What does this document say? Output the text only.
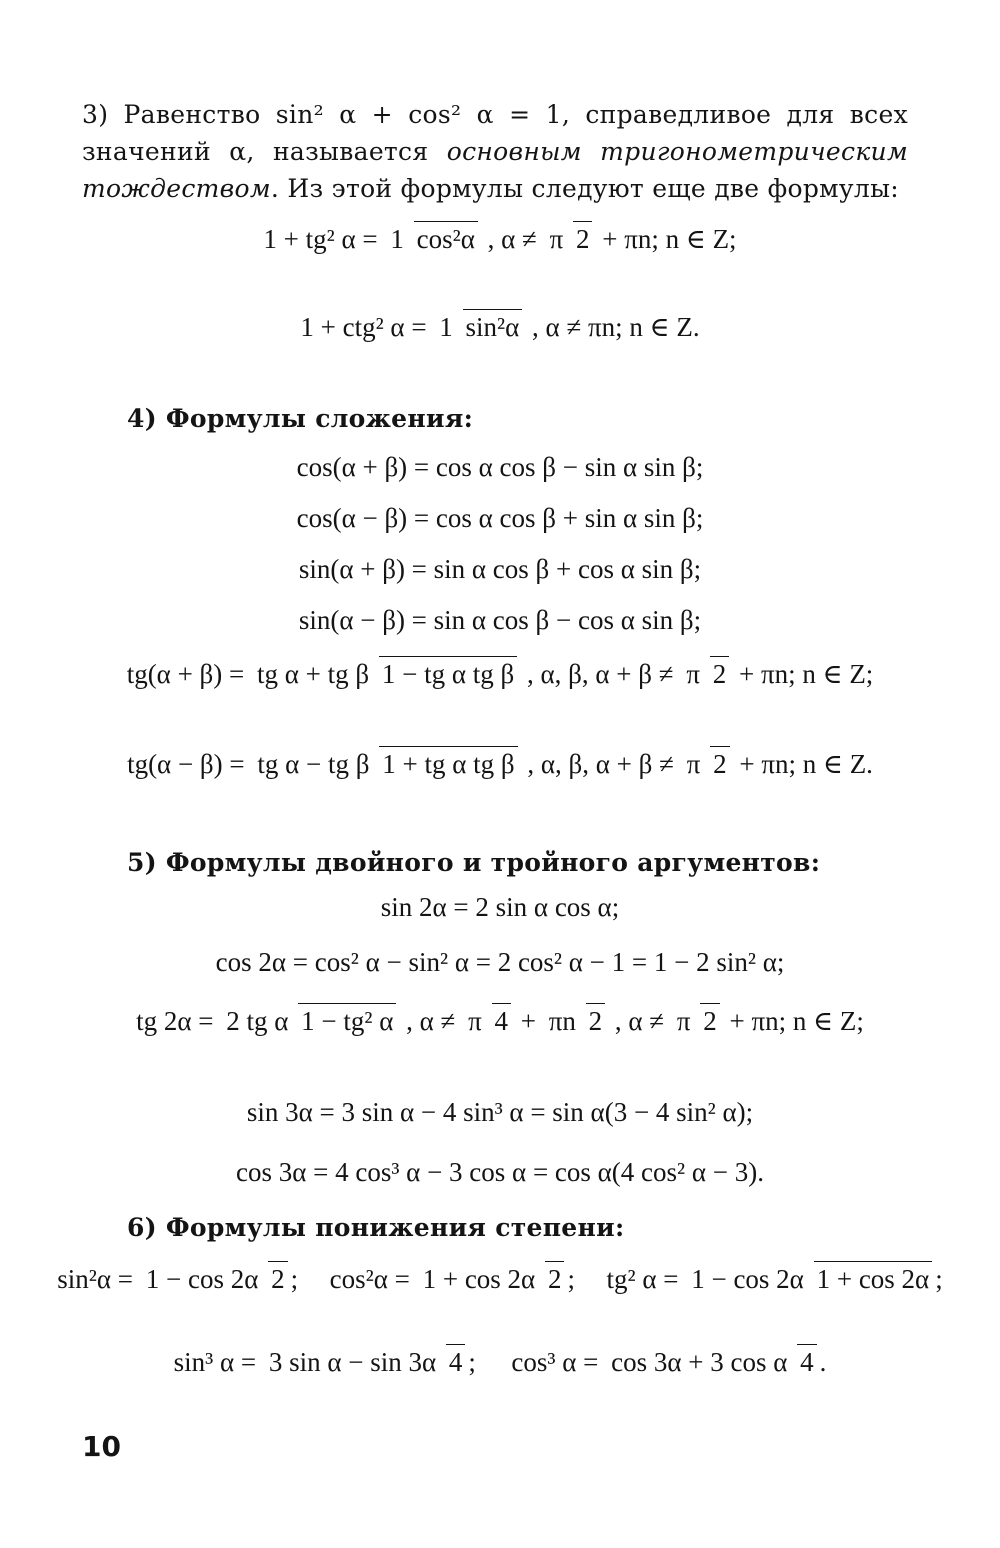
3) Равенство sin² α + cos² α = 1, справедливое для всех значений α, называется основным тригонометрическим тождеством. Из этой формулы следуют еще две формулы:
1 + tg² α = 1 cos²α , α ≠ π 2 + πn; n ∈ Z;
1 + ctg² α = 1 sin²α , α ≠ πn; n ∈ Z.
4) Формулы сложения:
cos(α + β) = cos α cos β − sin α sin β;
cos(α − β) = cos α cos β + sin α sin β;
sin(α + β) = sin α cos β + cos α sin β;
sin(α − β) = sin α cos β − cos α sin β;
tg(α + β) = tg α + tg β 1 − tg α tg β , α, β, α + β ≠ π 2 + πn; n ∈ Z;
tg(α − β) = tg α − tg β 1 + tg α tg β , α, β, α + β ≠ π 2 + πn; n ∈ Z.
5) Формулы двойного и тройного аргументов:
sin 2α = 2 sin α cos α;
cos 2α = cos² α − sin² α = 2 cos² α − 1 = 1 − 2 sin² α;
tg 2α = 2 tg α 1 − tg² α , α ≠ π 4 + πn 2 , α ≠ π 2 + πn; n ∈ Z;
sin 3α = 3 sin α − 4 sin³ α = sin α(3 − 4 sin² α);
cos 3α = 4 cos³ α − 3 cos α = cos α(4 cos² α − 3).
6) Формулы понижения степени:
sin²α = 1 − cos 2α 2 ; cos²α = 1 + cos 2α 2 ; tg² α = 1 − cos 2α 1 + cos 2α ;
sin³ α = 3 sin α − sin 3α 4 ; cos³ α = cos 3α + 3 cos α 4 .
10
